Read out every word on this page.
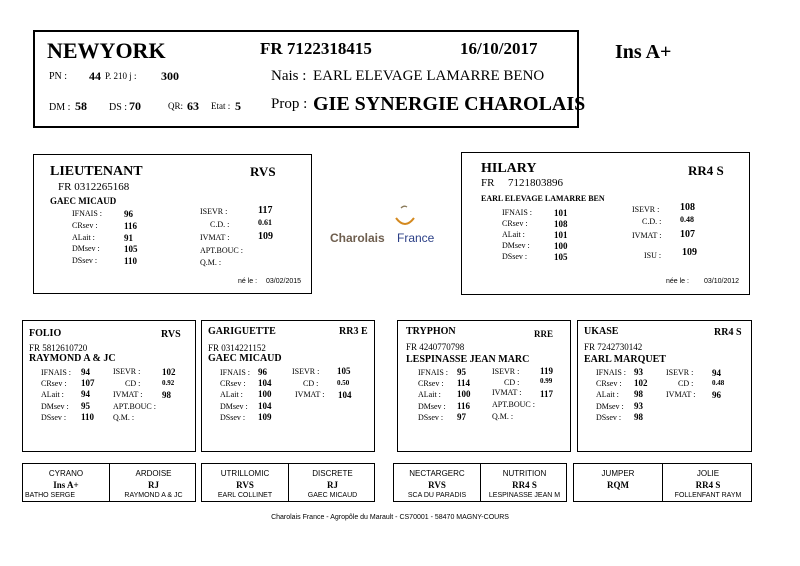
NEWYORK	FR 7122318415	16/10/2017	Ins A+
PN : 44 P. 210 j : 300	Nais : EARL ELEVAGE LAMARRE BENO
DM : 58 DS : 70	QR: 63 Etat : 5 Prop : GIE SYNERGIE CHAROLAIS
LIEUTENANT	RVS
FR 0312265168
GAEC MICAUD
IFNAIS : 96
CRsev :	116
ALait :	91
DMsev :	105
DSsev :	110
ISEVR :	117
C.D. :	0.61
IVMAT :	109
APT.BOUC :
Q.M. :
né le : 03/02/2015
Charolais France
HILARY	RR4 S
FR 7121803896
EARL ELEVAGE LAMARRE BEN
IFNAIS : 101
CRsev :	108
ALait :	101
DMsev :	100
DSsev :	105
ISEVR : 108
C.D. : 0.48
IVMAT : 107
ISU : 109
née le : 03/10/2012
FOLIO	RVS
FR 5812610720
RAYMOND A & JC
IFNAIS : 94
CRsev : 107
ALait : 94
DMsev : 95
DSsev : 110
ISEVR : 102
CD :	0.92
IVMAT : 98
APT.BOUC :
Q.M. :
GARIGUETTE	RR3 E
FR 0314221152
GAEC MICAUD
IFNAIS : 96
CRsev : 104
ALait : 100
DMsev : 104
DSsev : 109
ISEVR : 105
CD :	0.50
IVMAT : 104
TRYPHON	RRE
FR 4240770798
LESPINASSE JEAN MARC
IFNAIS : 95
CRsev : 114
ALait : 100
DMsev : 116
DSsev : 97
ISEVR : 119
CD :	0.99
IVMAT : 117
APT.BOUC :
Q.M. :
UKASE	RR4 S
FR 7242730142
EARL MARQUET
IFNAIS : 93
CRsev : 102
ALait : 98
DMsev : 93
DSsev : 98
ISEVR : 94
CD :	0.48
IVMAT : 96
CYRANO
Ins A+
BATHO SERGE
ARDOISE
RJ
RAYMOND A & JC
UTRILLOMIC
RVS
EARL COLLINET
DISCRETE
RJ
GAEC MICAUD
NECTARGERC
RVS
SCA DU PARADIS
NUTRITION
RR4 S
LESPINASSE JEAN M
JUMPER
RQM
JOLIE
RR4 S
FOLLENFANT RAYM
Charolais France - Agropôle du Marault - CS70001 - 58470 MAGNY-COURS
